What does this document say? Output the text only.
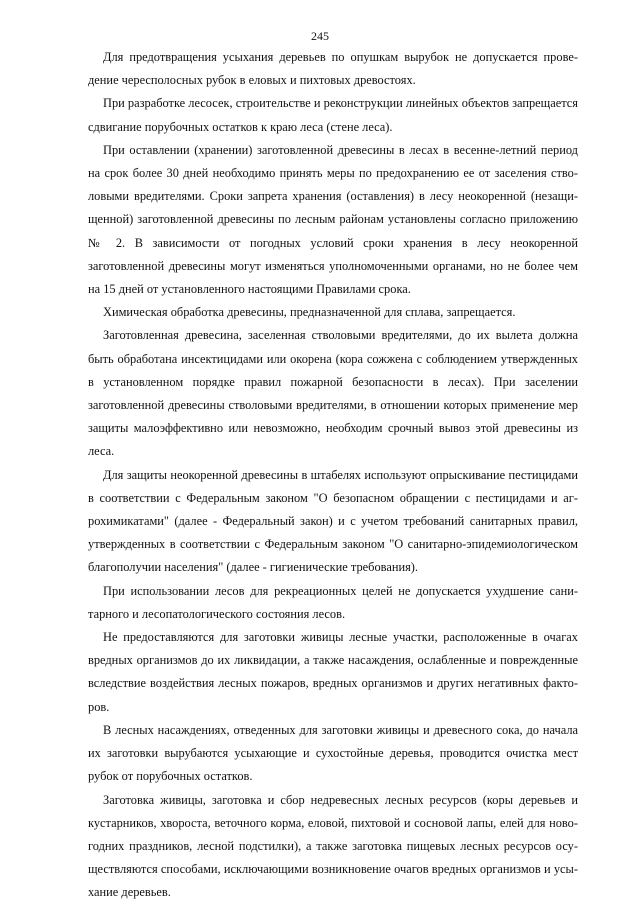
245

Для предотвращения усыхания деревьев по опушкам вырубок не допускается проведение чересполосных рубок в еловых и пихтовых древостоях.

При разработке лесосек, строительстве и реконструкции линейных объектов запрещается сдвигание порубочных остатков к краю леса (стене леса).

При оставлении (хранении) заготовленной древесины в лесах в весенне-летний период на срок более 30 дней необходимо принять меры по предохранению ее от заселения стволовыми вредителями. Сроки запрета хранения (оставления) в лесу неокоренной (незащищенной) заготовленной древесины по лесным районам установлены согласно приложению № 2. В зависимости от погодных условий сроки хранения в лесу неокоренной заготовленной древесины могут изменяться уполномоченными органами, но не более чем на 15 дней от установленного настоящими Правилами срока.

Химическая обработка древесины, предназначенной для сплава, запрещается.

Заготовленная древесина, заселенная стволовыми вредителями, до их вылета должна быть обработана инсектицидами или окорена (кора сожжена с соблюдением утвержденных в установленном порядке правил пожарной безопасности в лесах). При заселении заготовленной древесины стволовыми вредителями, в отношении которых применение мер защиты малоэффективно или невозможно, необходим срочный вывоз этой древесины из леса.

Для защиты неокоренной древесины в штабелях используют опрыскивание пестицидами в соответствии с Федеральным законом "О безопасном обращении с пестицидами и агрохимикатами" (далее - Федеральный закон) и с учетом требований санитарных правил, утвержденных в соответствии с Федеральным законом "О санитарно-эпидемиологическом благополучии населения" (далее - гигиенические требования).

При использовании лесов для рекреационных целей не допускается ухудшение санитарного и лесопатологического состояния лесов.

Не предоставляются для заготовки живицы лесные участки, расположенные в очагах вредных организмов до их ликвидации, а также насаждения, ослабленные и поврежденные вследствие воздействия лесных пожаров, вредных организмов и других негативных факторов.

В лесных насаждениях, отведенных для заготовки живицы и древесного сока, до начала их заготовки вырубаются усыхающие и сухостойные деревья, проводится очистка мест рубок от порубочных остатков.

Заготовка живицы, заготовка и сбор недревесных лесных ресурсов (коры деревьев и кустарников, хвороста, веточного корма, еловой, пихтовой и сосновой лапы, елей для новогодних праздников, лесной подстилки), а также заготовка пищевых лесных ресурсов осуществляются способами, исключающими возникновение очагов вредных организмов и усыхание деревьев.
